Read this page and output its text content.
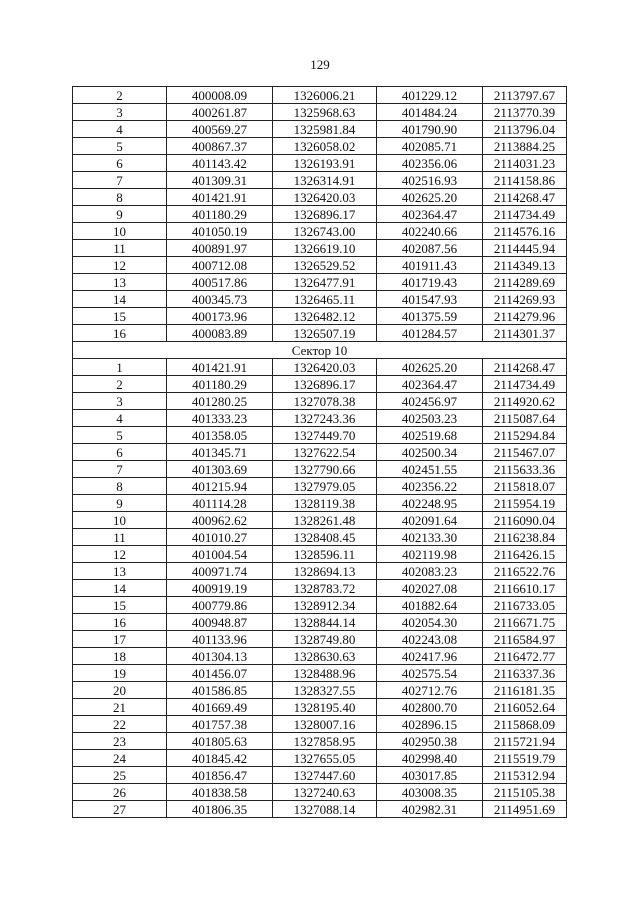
129
2	400008.09	1326006.21	401229.12	2113797.67
3	400261.87	1325968.63	401484.24	2113770.39
4	400569.27	1325981.84	401790.90	2113796.04
5	400867.37	1326058.02	402085.71	2113884.25
6	401143.42	1326193.91	402356.06	2114031.23
7	401309.31	1326314.91	402516.93	2114158.86
8	401421.91	1326420.03	402625.20	2114268.47
9	401180.29	1326896.17	402364.47	2114734.49
10	401050.19	1326743.00	402240.66	2114576.16
11	400891.97	1326619.10	402087.56	2114445.94
12	400712.08	1326529.52	401911.43	2114349.13
13	400517.86	1326477.91	401719.43	2114289.69
14	400345.73	1326465.11	401547.93	2114269.93
15	400173.96	1326482.12	401375.59	2114279.96
16	400083.89	1326507.19	401284.57	2114301.37
Сектор 10				
1	401421.91	1326420.03	402625.20	2114268.47
2	401180.29	1326896.17	402364.47	2114734.49
3	401280.25	1327078.38	402456.97	2114920.62
4	401333.23	1327243.36	402503.23	2115087.64
5	401358.05	1327449.70	402519.68	2115294.84
6	401345.71	1327622.54	402500.34	2115467.07
7	401303.69	1327790.66	402451.55	2115633.36
8	401215.94	1327979.05	402356.22	2115818.07
9	401114.28	1328119.38	402248.95	2115954.19
10	400962.62	1328261.48	402091.64	2116090.04
11	401010.27	1328408.45	402133.30	2116238.84
12	401004.54	1328596.11	402119.98	2116426.15
13	400971.74	1328694.13	402083.23	2116522.76
14	400919.19	1328783.72	402027.08	2116610.17
15	400779.86	1328912.34	401882.64	2116733.05
16	400948.87	1328844.14	402054.30	2116671.75
17	401133.96	1328749.80	402243.08	2116584.97
18	401304.13	1328630.63	402417.96	2116472.77
19	401456.07	1328488.96	402575.54	2116337.36
20	401586.85	1328327.55	402712.76	2116181.35
21	401669.49	1328195.40	402800.70	2116052.64
22	401757.38	1328007.16	402896.15	2115868.09
23	401805.63	1327858.95	402950.38	2115721.94
24	401845.42	1327655.05	402998.40	2115519.79
25	401856.47	1327447.60	403017.85	2115312.94
26	401838.58	1327240.63	403008.35	2115105.38
27	401806.35	1327088.14	402982.31	2114951.69
